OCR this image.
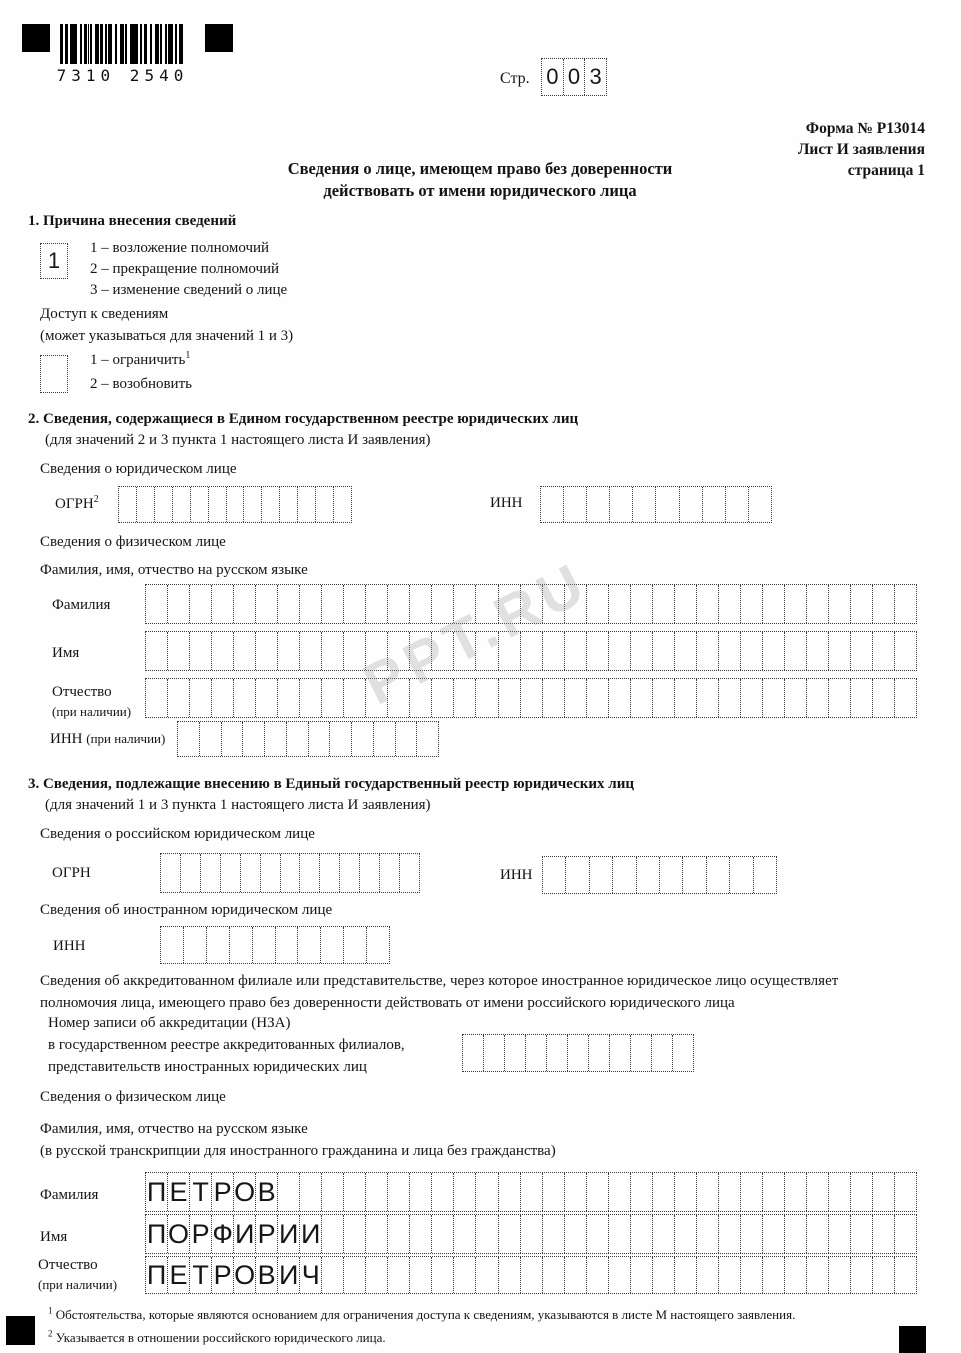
7310 2540	Стр. 0 0 3
Форма № Р13014
Лист И заявления
страница 1
Сведения о лице, имеющем право без доверенности
действовать от имени юридического лица
1. Причина внесения сведений
1	1 – возложение полномочий
2 – прекращение полномочий
3 – изменение сведений о лице
Доступ к сведениям
(может указываться для значений 1 и 3)
1 – ограничить$^1$
2 – возобновить
2. Сведения, содержащиеся в Едином государственном реестре юридических лиц
(для значений 2 и 3 пункта 1 настоящего листа И заявления)
Сведения о юридическом лице
ОГРН$^2$	ИНН
Сведения о физическом лице
Фамилия, имя, отчество на русском языке
Фамилия
Имя
Отчество
(при наличии)
ИНН (при наличии)
3. Сведения, подлежащие внесению в Единый государственный реестр юридических лиц
(для значений 1 и 3 пункта 1 настоящего листа И заявления)
Сведения о российском юридическом лице
ОГРН	ИНН
Сведения об иностранном юридическом лице
ИНН
Сведения об аккредитованном филиале или представительстве, через которое иностранное юридическое лицо осуществляет
полномочия лица, имеющего право без доверенности действовать от имени российского юридического лица
Номер записи об аккредитации (НЗА)
в государственном реестре аккредитованных филиалов,
представительств иностранных юридических лиц
Сведения о физическом лице
Фамилия, имя, отчество на русском языке
(в русской транскрипции для иностранного гражданина и лица без гражданства)
Фамилия П Е Т Р О В
Имя	П О Р Ф И Р И И
Отчество
(при наличии) П Е Т Р О В И Ч
$^1$ Обстоятельства, которые являются основанием для ограничения доступа к сведениям, указываются в листе М настоящего заявления.
$^2$ Указывается в отношении российского юридического лица.
PPT.RU
